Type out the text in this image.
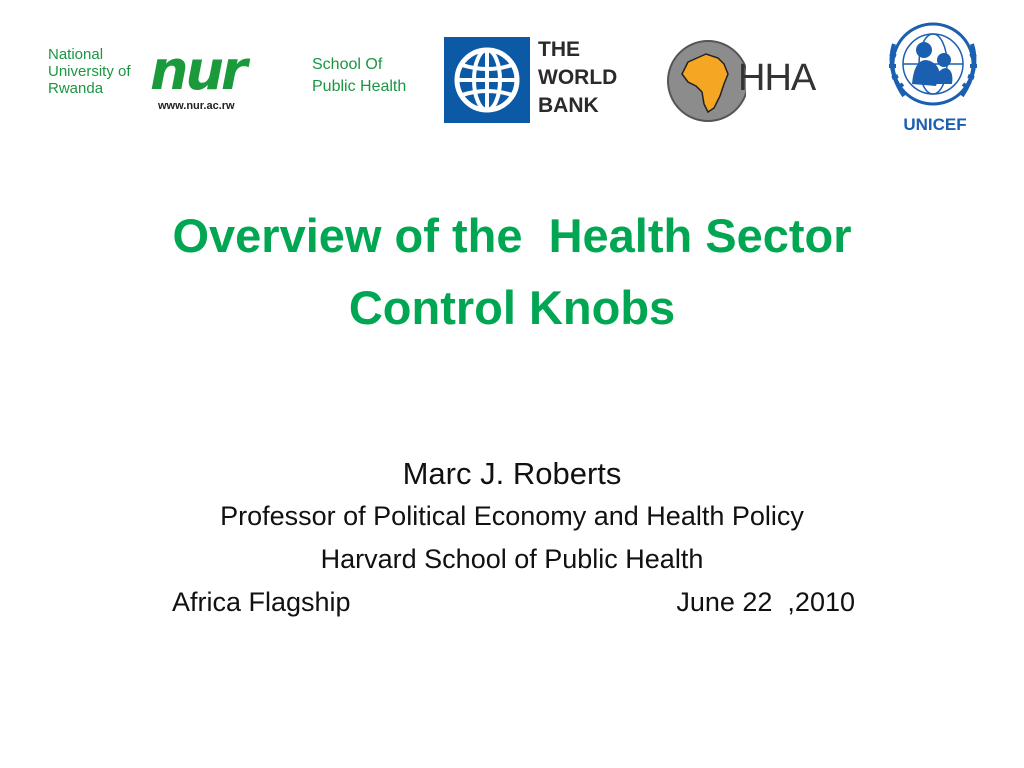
National
University of
Rwanda nur
www.nur.ac.rw
School Of
Public Health
THE
WORLD
BANK
HHA
UNICEF
Overview of the  Health Sector
Control Knobs
Marc J. Roberts
Professor of Political Economy and Health Policy
Harvard School of Public Health
Africa Flagship	June 22  ,2010
